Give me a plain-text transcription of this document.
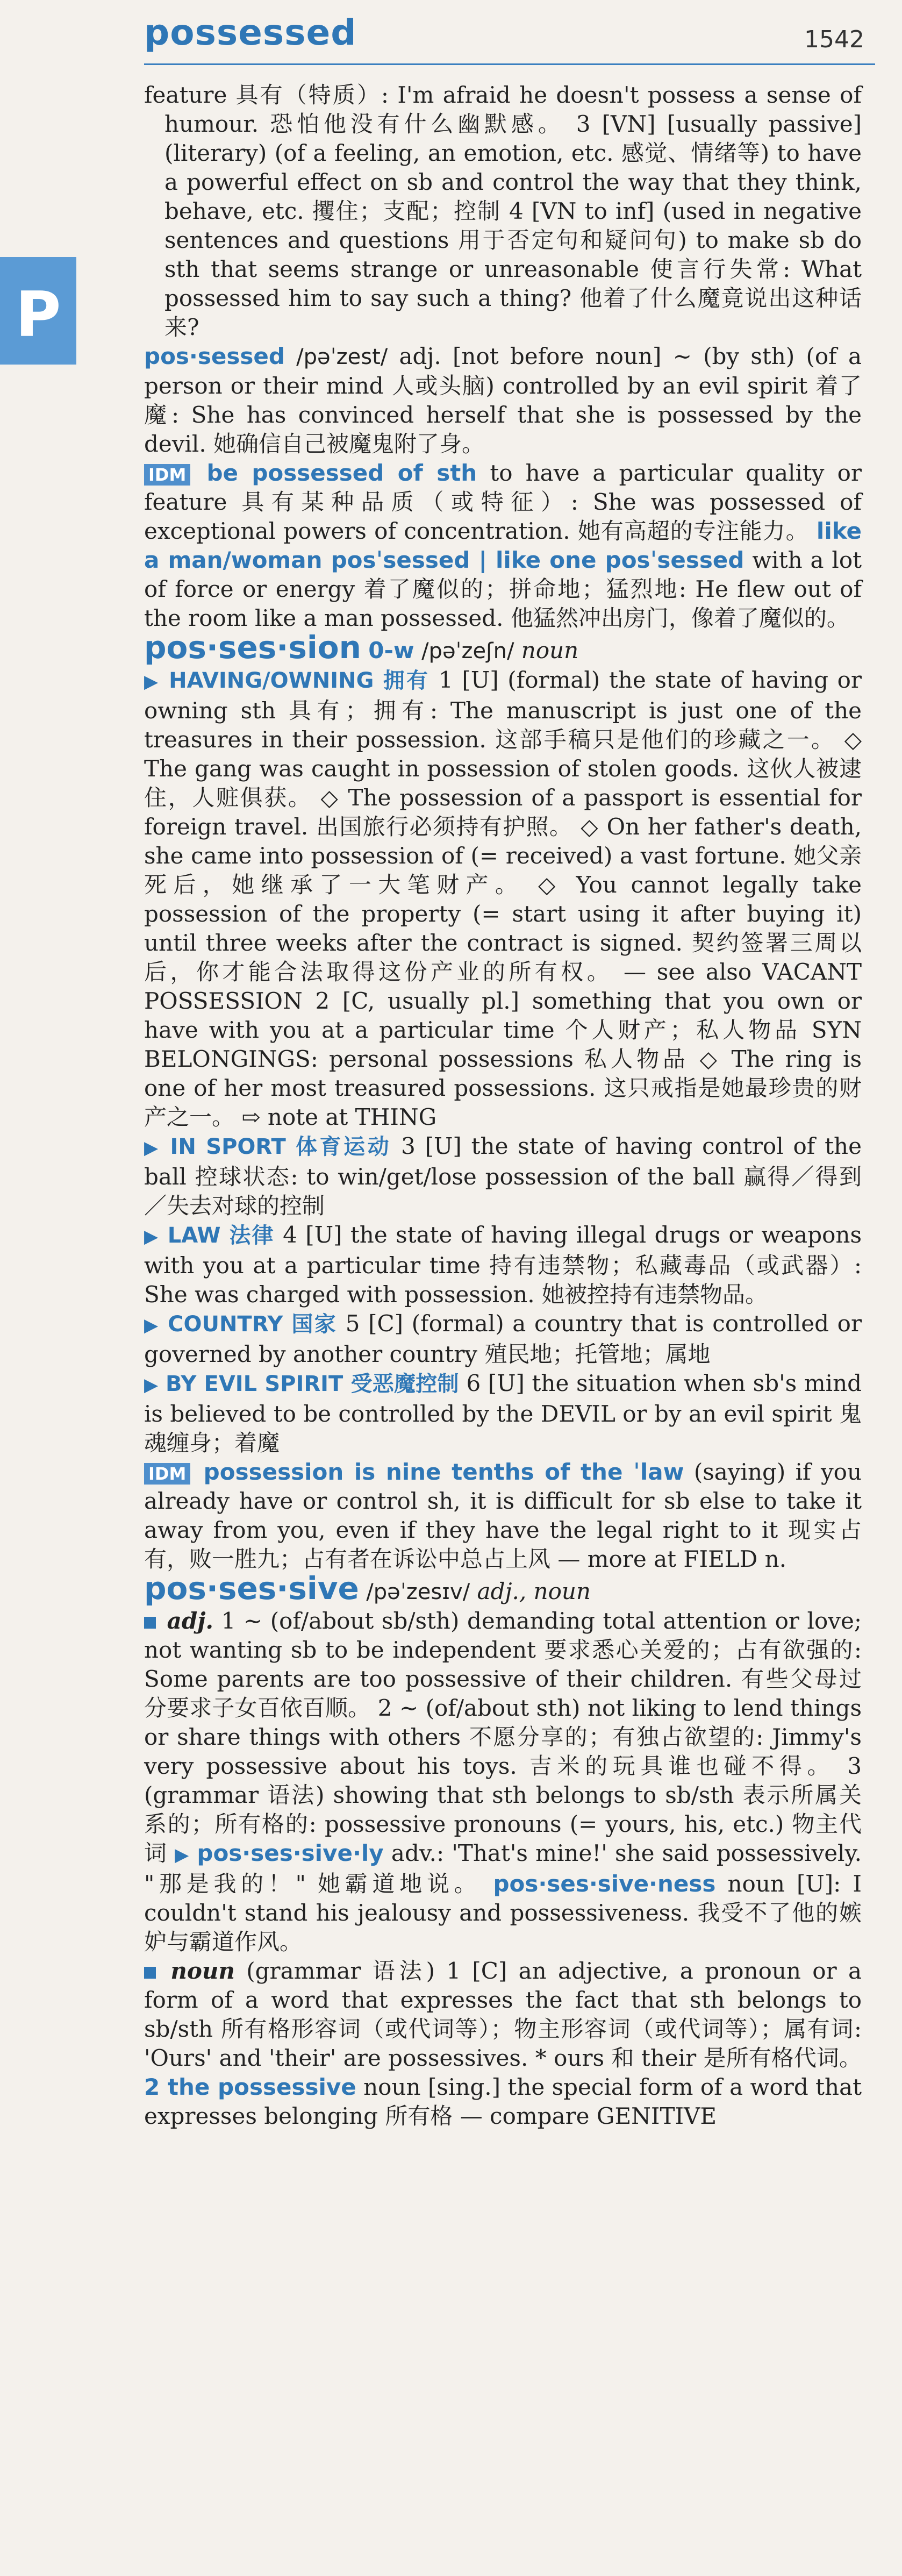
possessed	1542
P

feature 具有（特质）: I'm afraid he doesn't possess a sense of humour. 恐怕他没有什么幽默感。 3 [VN] [usually passive] (literary) (of a feeling, an emotion, etc. 感觉、情绪等) to have a powerful effect on sb and control the way that they think, behave, etc. 攫住；支配；控制 4 [VN to inf] (used in negative sentences and questions 用于否定句和疑问句) to make sb do sth that seems strange or unreasonable 使言行失常: What possessed him to say such a thing? 他着了什么魔竟说出这种话来?

pos·sessed /pəˈzest/ adj. [not before noun] ~ (by sth) (of a person or their mind 人或头脑) controlled by an evil spirit 着了魔: She has convinced herself that she is possessed by the devil. 她确信自己被魔鬼附了身。

IDM be possessed of sth to have a particular quality or feature 具有某种品质（或特征）: She was possessed of exceptional powers of concentration. 她有高超的专注能力。 like a man/woman posˈsessed | like one posˈsessed with a lot of force or energy 着了魔似的；拼命地；猛烈地: He flew out of the room like a man possessed. 他猛然冲出房门，像着了魔似的。

pos·ses·sion 0-w /pəˈzeʃn/ noun

▶ HAVING/OWNING 拥有 1 [U] (formal) the state of having or owning sth 具有；拥有: The manuscript is just one of the treasures in their possession. 这部手稿只是他们的珍藏之一。 ◇ The gang was caught in possession of stolen goods. 这伙人被逮住，人赃俱获。 ◇ The possession of a passport is essential for foreign travel. 出国旅行必须持有护照。 ◇ On her father's death, she came into possession of (= received) a vast fortune. 她父亲死后，她继承了一大笔财产。 ◇ You cannot legally take possession of the property (= start using it after buying it) until three weeks after the contract is signed. 契约签署三周以后，你才能合法取得这份产业的所有权。 — see also VACANT POSSESSION 2 [C, usually pl.] something that you own or have with you at a particular time 个人财产；私人物品 SYN BELONGINGS: personal possessions 私人物品 ◇ The ring is one of her most treasured possessions. 这只戒指是她最珍贵的财产之一。 ⇨ note at THING

▶ IN SPORT 体育运动 3 [U] the state of having control of the ball 控球状态: to win/get/lose possession of the ball 赢得／得到／失去对球的控制

▶ LAW 法律 4 [U] the state of having illegal drugs or weapons with you at a particular time 持有违禁物；私藏毒品（或武器）: She was charged with possession. 她被控持有违禁物品。

▶ COUNTRY 国家 5 [C] (formal) a country that is controlled or governed by another country 殖民地；托管地；属地

▶ BY EVIL SPIRIT 受恶魔控制 6 [U] the situation when sb's mind is believed to be controlled by the DEVIL or by an evil spirit 鬼魂缠身；着魔

IDM possession is nine tenths of the ˈlaw (saying) if you already have or control sh, it is difficult for sb else to take it away from you, even if they have the legal right to it 现实占有，败一胜九；占有者在诉讼中总占上风 — more at FIELD n.

pos·ses·sive /pəˈzesɪv/ adj., noun

adj. 1 ~ (of/about sb/sth) demanding total attention or love; not wanting sb to be independent 要求悉心关爱的；占有欲强的: Some parents are too possessive of their children. 有些父母过分要求子女百依百顺。 2 ~ (of/about sth) not liking to lend things or share things with others 不愿分享的；有独占欲望的: Jimmy's very possessive about his toys. 吉米的玩具谁也碰不得。 3 (grammar 语法) showing that sth belongs to sb/sth 表示所属关系的；所有格的: possessive pronouns (= yours, his, etc.) 物主代词 ▶ pos·ses·sive·ly adv.: 'That's mine!' she said possessively. "那是我的！" 她霸道地说。 pos·ses·sive·ness noun [U]: I couldn't stand his jealousy and possessiveness. 我受不了他的嫉妒与霸道作风。

noun (grammar 语法) 1 [C] an adjective, a pronoun or a form of a word that expresses the fact that sth belongs to sb/sth 所有格形容词（或代词等）；物主形容词（或代词等）；属有词: 'Ours' and 'their' are possessives. * ours 和 their 是所有格代词。 2 the possessive noun [sing.] the special form of a word that expresses belonging 所有格 — compare GENITIVE
